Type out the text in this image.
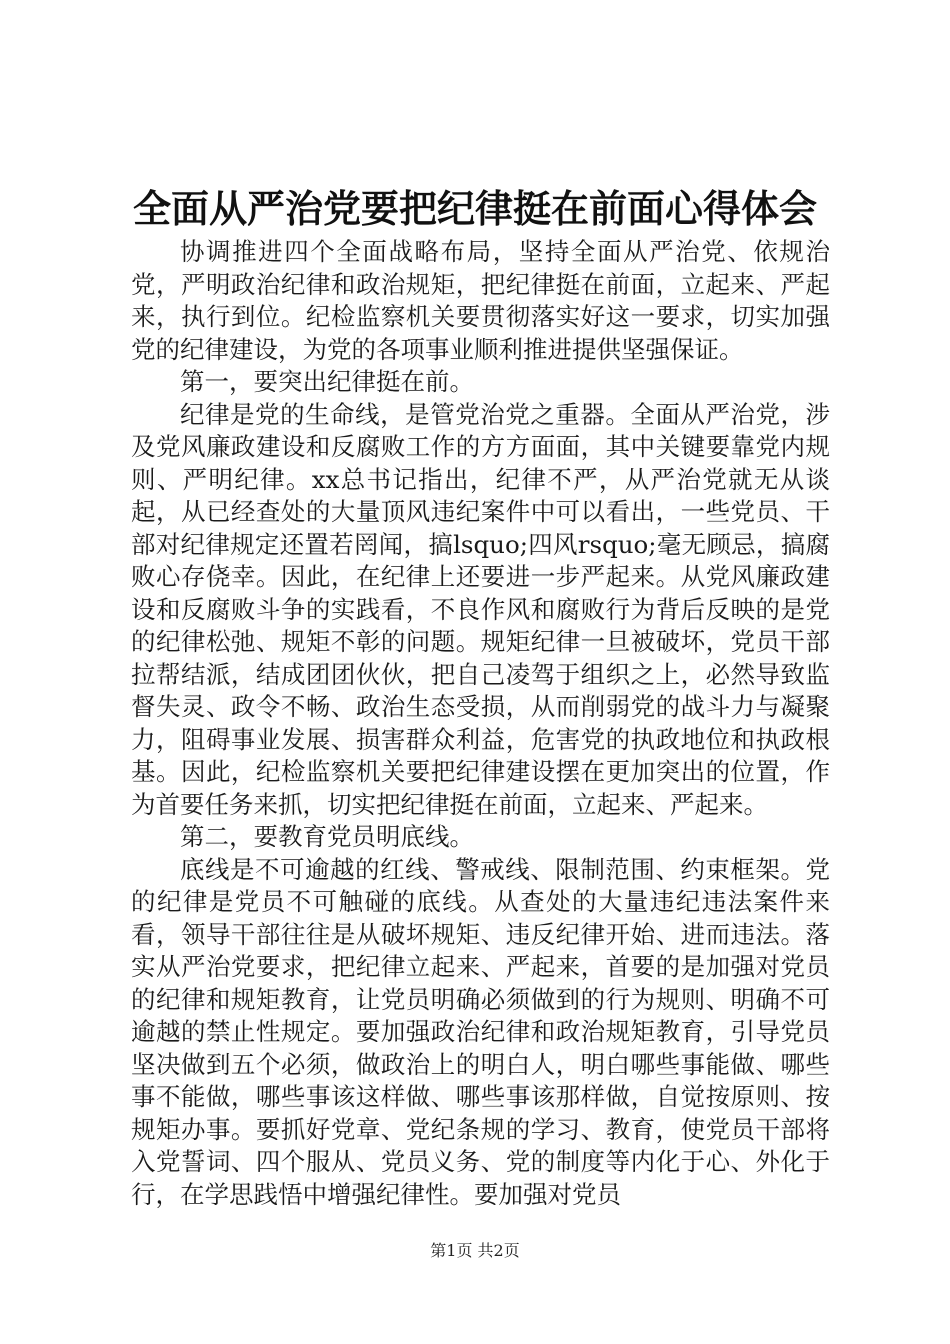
全面从严治党要把纪律挺在前面心得体会

协调推进四个全面战略布局，坚持全面从严治党、依规治党，严明政治纪律和政治规矩，把纪律挺在前面，立起来、严起来，执行到位。纪检监察机关要贯彻落实好这一要求，切实加强党的纪律建设，为党的各项事业顺利推进提供坚强保证。

第一，要突出纪律挺在前。

纪律是党的生命线，是管党治党之重器。全面从严治党，涉及党风廉政建设和反腐败工作的方方面面，其中关键要靠党内规则、严明纪律。xx总书记指出，纪律不严，从严治党就无从谈起，从已经查处的大量顶风违纪案件中可以看出，一些党员、干部对纪律规定还置若罔闻，搞lsquo;四风rsquo;毫无顾忌，搞腐败心存侥幸。因此，在纪律上还要进一步严起来。从党风廉政建设和反腐败斗争的实践看，不良作风和腐败行为背后反映的是党的纪律松弛、规矩不彰的问题。规矩纪律一旦被破坏，党员干部拉帮结派，结成团团伙伙，把自己凌驾于组织之上，必然导致监督失灵、政令不畅、政治生态受损，从而削弱党的战斗力与凝聚力，阻碍事业发展、损害群众利益，危害党的执政地位和执政根基。因此，纪检监察机关要把纪律建设摆在更加突出的位置，作为首要任务来抓，切实把纪律挺在前面，立起来、严起来。

第二，要教育党员明底线。

底线是不可逾越的红线、警戒线、限制范围、约束框架。党的纪律是党员不可触碰的底线。从查处的大量违纪违法案件来看，领导干部往往是从破坏规矩、违反纪律开始、进而违法。落实从严治党要求，把纪律立起来、严起来，首要的是加强对党员的纪律和规矩教育，让党员明确必须做到的行为规则、明确不可逾越的禁止性规定。要加强政治纪律和政治规矩教育，引导党员坚决做到五个必须，做政治上的明白人，明白哪些事能做、哪些事不能做，哪些事该这样做、哪些事该那样做，自觉按原则、按规矩办事。要抓好党章、党纪条规的学习、教育，使党员干部将入党誓词、四个服从、党员义务、党的制度等内化于心、外化于行，在学思践悟中增强纪律性。要加强对党员

第1页 共2页
